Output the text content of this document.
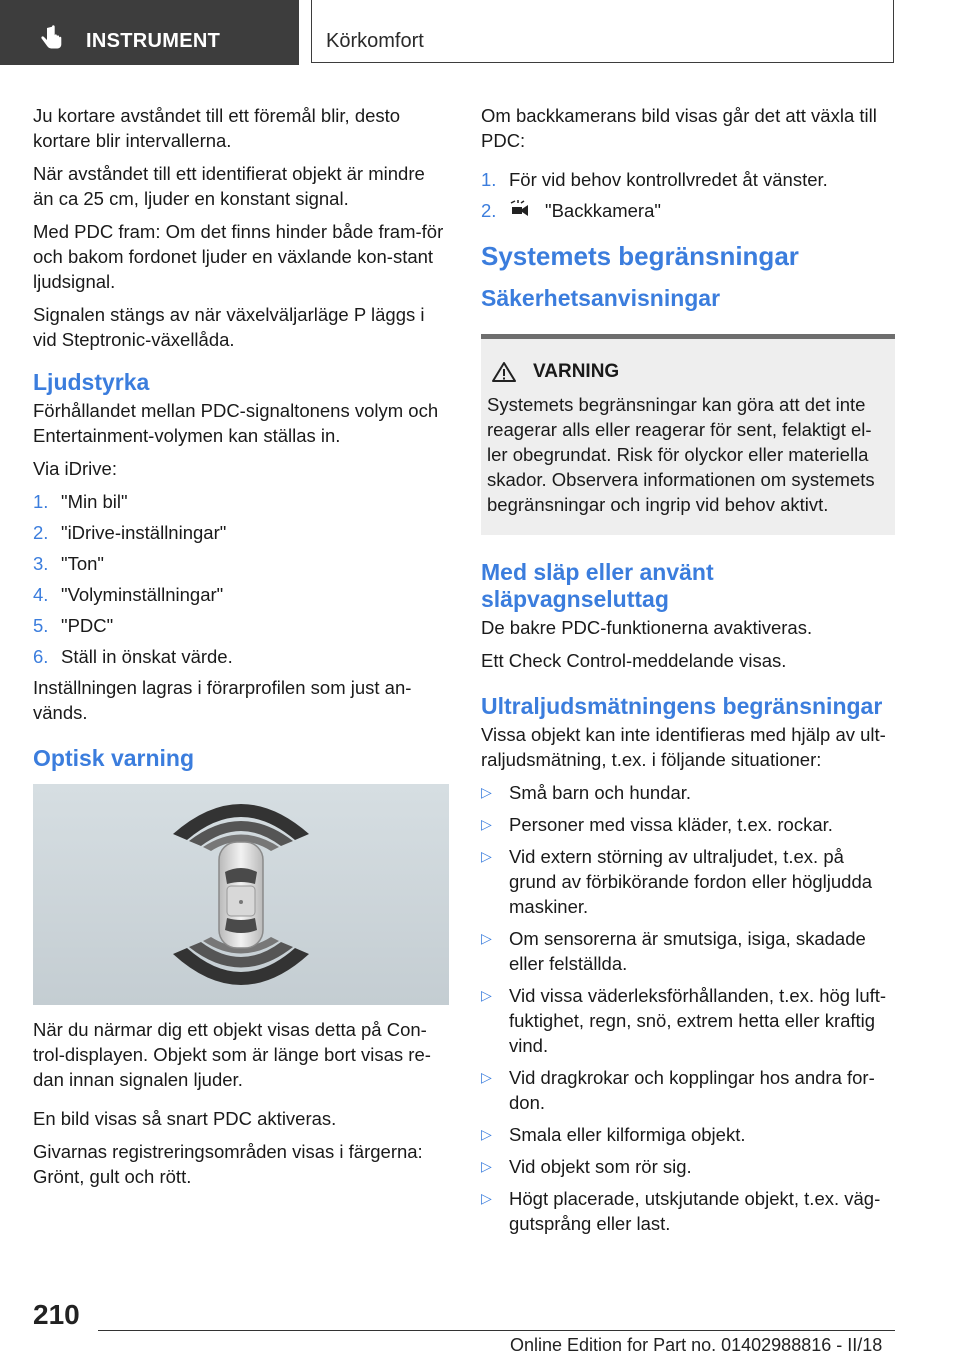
INSTRUMENT	Körkomfort

Ju kortare avståndet till ett föremål blir, desto kortare blir intervallerna.

När avståndet till ett identifierat objekt är mindre än ca 25 cm, ljuder en konstant signal.

Med PDC fram: Om det finns hinder både fram‐för och bakom fordonet ljuder en växlande kon‐stant ljudsignal.

Signalen stängs av när växelväljarläge P läggs i vid Steptronic-växellåda.

Ljudstyrka

Förhållandet mellan PDC-signaltonens volym och Entertainment-volymen kan ställas in.

Via iDrive:

1. "Min bil"
2. "iDrive-inställningar"
3. "Ton"
4. "Volyminställningar"
5. "PDC"
6. Ställ in önskat värde.

Inställningen lagras i förarprofilen som just an‐vänds.

Optisk varning

När du närmar dig ett objekt visas detta på Con‐trol-displayen. Objekt som är länge bort visas re‐dan innan signalen ljuder.

En bild visas så snart PDC aktiveras.

Givarnas registreringsområden visas i färgerna: Grönt, gult och rött.

Om backkamerans bild visas går det att växla till PDC:

1. För vid behov kontrollvredet åt vänster.
2.	"Backkamera"
Systemets begränsningar
Säkerhetsanvisningar
VARNING

Systemets begränsningar kan göra att det inte reagerar alls eller reagerar för sent, felaktigt el‐ler obegrundat. Risk för olyckor eller materiella skador. Observera informationen om systemets begränsningar och ingrip vid behov aktivt.

Med släp eller använt släpvagnseluttag

De bakre PDC-funktionerna avaktiveras.

Ett Check Control-meddelande visas.

Ultraljudsmätningens begränsningar

Vissa objekt kan inte identifieras med hjälp av ult‐raljudsmätning, t.ex. i följande situationer:

▷ Små barn och hundar.
▷ Personer med vissa kläder, t.ex. rockar.
▷ Vid extern störning av ultraljudet, t.ex. på grund av förbikörande fordon eller högljudda maskiner.
▷ Om sensorerna är smutsiga, isiga, skadade eller felställda.
▷ Vid vissa väderleksförhållanden, t.ex. hög luft‐fuktighet, regn, snö, extrem hetta eller kraftig vind.
▷ Vid dragkrokar och kopplingar hos andra for‐don.
▷ Smala eller kilformiga objekt.
▷ Vid objekt som rör sig.
▷ Högt placerade, utskjutande objekt, t.ex. väg‐gutsprång eller last.
210
Online Edition for Part no. 01402988816 - II/18
